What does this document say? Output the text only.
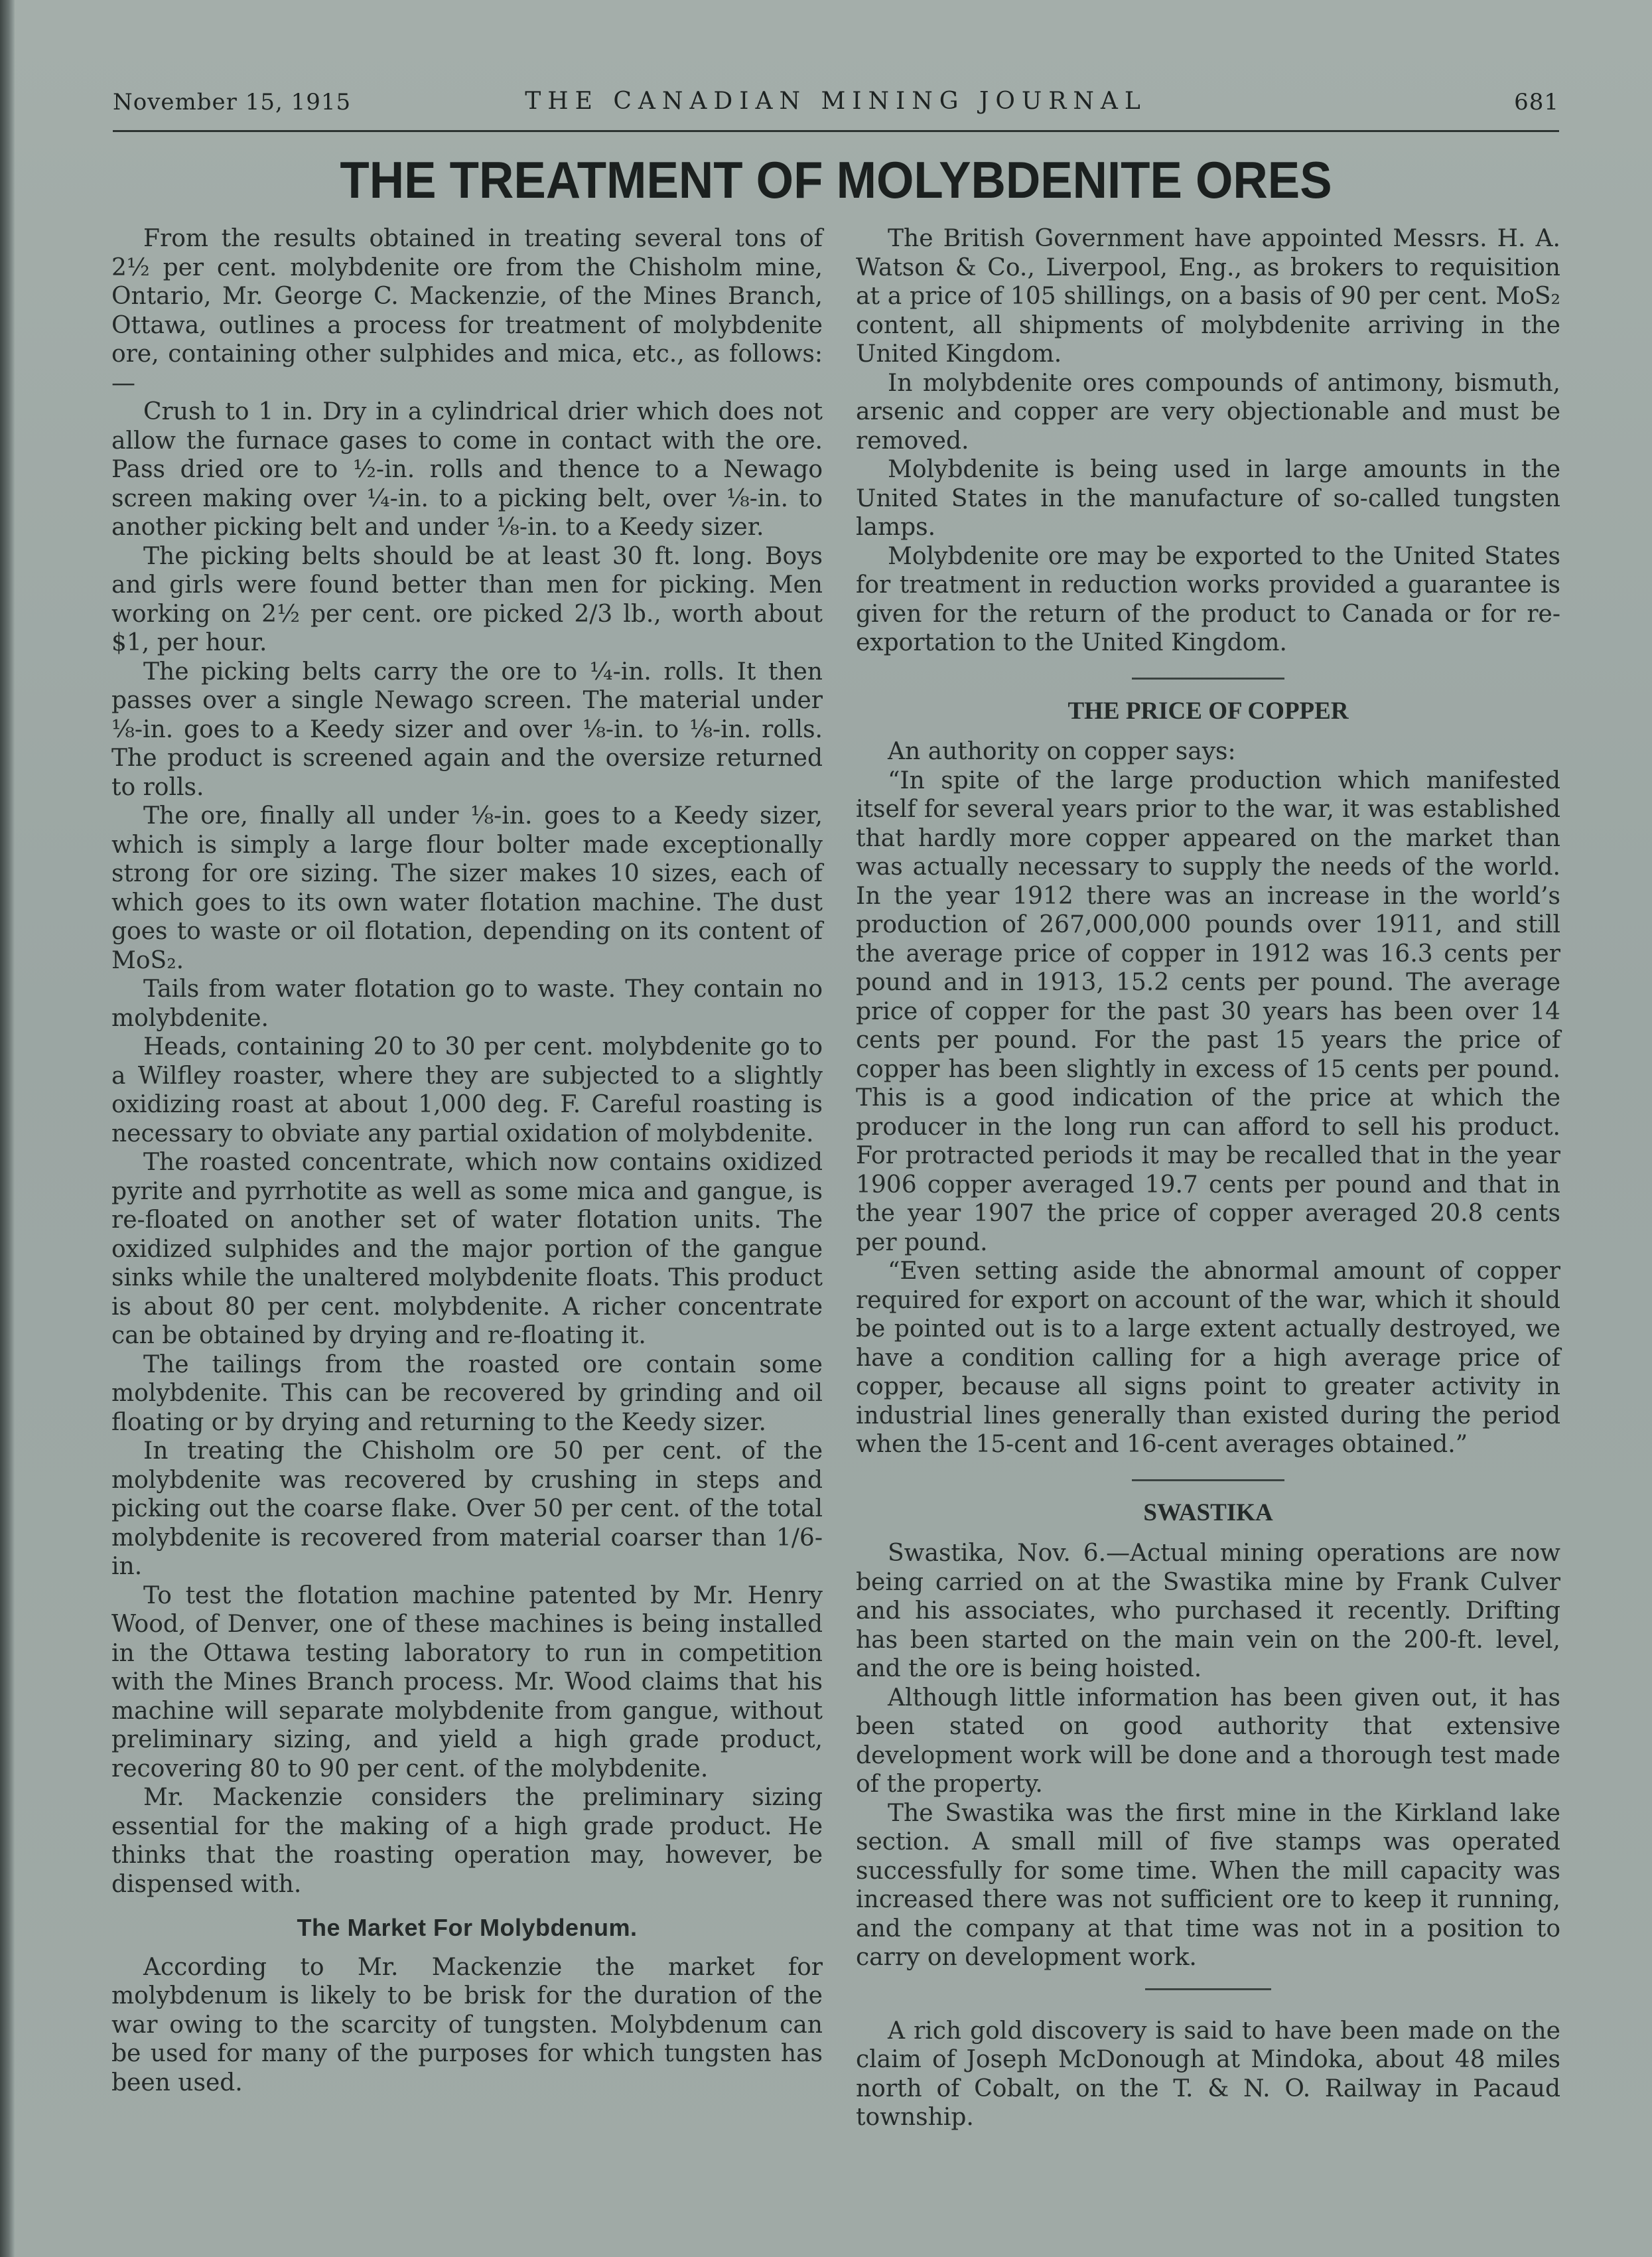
November 15, 1915	THE CANADIAN MINING JOURNAL	681
THE TREATMENT OF MOLYBDENITE ORES

From the results obtained in treating several tons of 2½ per cent. molybdenite ore from the Chisholm mine, Ontario, Mr. George C. Mackenzie, of the Mines Branch, Ottawa, outlines a process for treatment of molybdenite ore, containing other sulphides and mica, etc., as follows:—

Crush to 1 in. Dry in a cylindrical drier which does not allow the furnace gases to come in contact with the ore. Pass dried ore to ½-in. rolls and thence to a Newago screen making over ¼-in. to a picking belt, over ⅛-in. to another picking belt and under ⅛-in. to a Keedy sizer.

The picking belts should be at least 30 ft. long. Boys and girls were found better than men for picking. Men working on 2½ per cent. ore picked 2/3 lb., worth about $1, per hour.

The picking belts carry the ore to ¼-in. rolls. It then passes over a single Newago screen. The material under ⅛-in. goes to a Keedy sizer and over ⅛-in. to ⅛-in. rolls. The product is screened again and the oversize returned to rolls.

The ore, finally all under ⅛-in. goes to a Keedy sizer, which is simply a large flour bolter made exceptionally strong for ore sizing. The sizer makes 10 sizes, each of which goes to its own water flotation machine. The dust goes to waste or oil flotation, depending on its content of MoS₂.

Tails from water flotation go to waste. They contain no molybdenite.

Heads, containing 20 to 30 per cent. molybdenite go to a Wilfley roaster, where they are subjected to a slightly oxidizing roast at about 1,000 deg. F. Careful roasting is necessary to obviate any partial oxidation of molybdenite.

The roasted concentrate, which now contains oxidized pyrite and pyrrhotite as well as some mica and gangue, is re-floated on another set of water flotation units. The oxidized sulphides and the major portion of the gangue sinks while the unaltered molybdenite floats. This product is about 80 per cent. molybdenite. A richer concentrate can be obtained by drying and re-floating it.

The tailings from the roasted ore contain some molybdenite. This can be recovered by grinding and oil floating or by drying and returning to the Keedy sizer.

In treating the Chisholm ore 50 per cent. of the molybdenite was recovered by crushing in steps and picking out the coarse flake. Over 50 per cent. of the total molybdenite is recovered from material coarser than 1/6-in.

To test the flotation machine patented by Mr. Henry Wood, of Denver, one of these machines is being installed in the Ottawa testing laboratory to run in competition with the Mines Branch process. Mr. Wood claims that his machine will separate molybdenite from gangue, without preliminary sizing, and yield a high grade product, recovering 80 to 90 per cent. of the molybdenite.

Mr. Mackenzie considers the preliminary sizing essential for the making of a high grade product. He thinks that the roasting operation may, however, be dispensed with.

The Market For Molybdenum.

According to Mr. Mackenzie the market for molybdenum is likely to be brisk for the duration of the war owing to the scarcity of tungsten. Molybdenum can be used for many of the purposes for which tungsten has been used.

The British Government have appointed Messrs. H. A. Watson & Co., Liverpool, Eng., as brokers to requisition at a price of 105 shillings, on a basis of 90 per cent. MoS₂ content, all shipments of molybdenite arriving in the United Kingdom.

In molybdenite ores compounds of antimony, bismuth, arsenic and copper are very objectionable and must be removed.

Molybdenite is being used in large amounts in the United States in the manufacture of so-called tungsten lamps.

Molybdenite ore may be exported to the United States for treatment in reduction works provided a guarantee is given for the return of the product to Canada or for re-exportation to the United Kingdom.

THE PRICE OF COPPER

An authority on copper says:

“In spite of the large production which manifested itself for several years prior to the war, it was established that hardly more copper appeared on the market than was actually necessary to supply the needs of the world. In the year 1912 there was an increase in the world’s production of 267,000,000 pounds over 1911, and still the average price of copper in 1912 was 16.3 cents per pound and in 1913, 15.2 cents per pound. The average price of copper for the past 30 years has been over 14 cents per pound. For the past 15 years the price of copper has been slightly in excess of 15 cents per pound. This is a good indication of the price at which the producer in the long run can afford to sell his product. For protracted periods it may be recalled that in the year 1906 copper averaged 19.7 cents per pound and that in the year 1907 the price of copper averaged 20.8 cents per pound.

“Even setting aside the abnormal amount of copper required for export on account of the war, which it should be pointed out is to a large extent actually destroyed, we have a condition calling for a high average price of copper, because all signs point to greater activity in industrial lines generally than existed during the period when the 15-cent and 16-cent averages obtained.”

SWASTIKA

Swastika, Nov. 6.—Actual mining operations are now being carried on at the Swastika mine by Frank Culver and his associates, who purchased it recently. Drifting has been started on the main vein on the 200-ft. level, and the ore is being hoisted.

Although little information has been given out, it has been stated on good authority that extensive development work will be done and a thorough test made of the property.

The Swastika was the first mine in the Kirkland lake section. A small mill of five stamps was operated successfully for some time. When the mill capacity was increased there was not sufficient ore to keep it running, and the company at that time was not in a position to carry on development work.

A rich gold discovery is said to have been made on the claim of Joseph McDonough at Mindoka, about 48 miles north of Cobalt, on the T. & N. O. Railway in Pacaud township.
